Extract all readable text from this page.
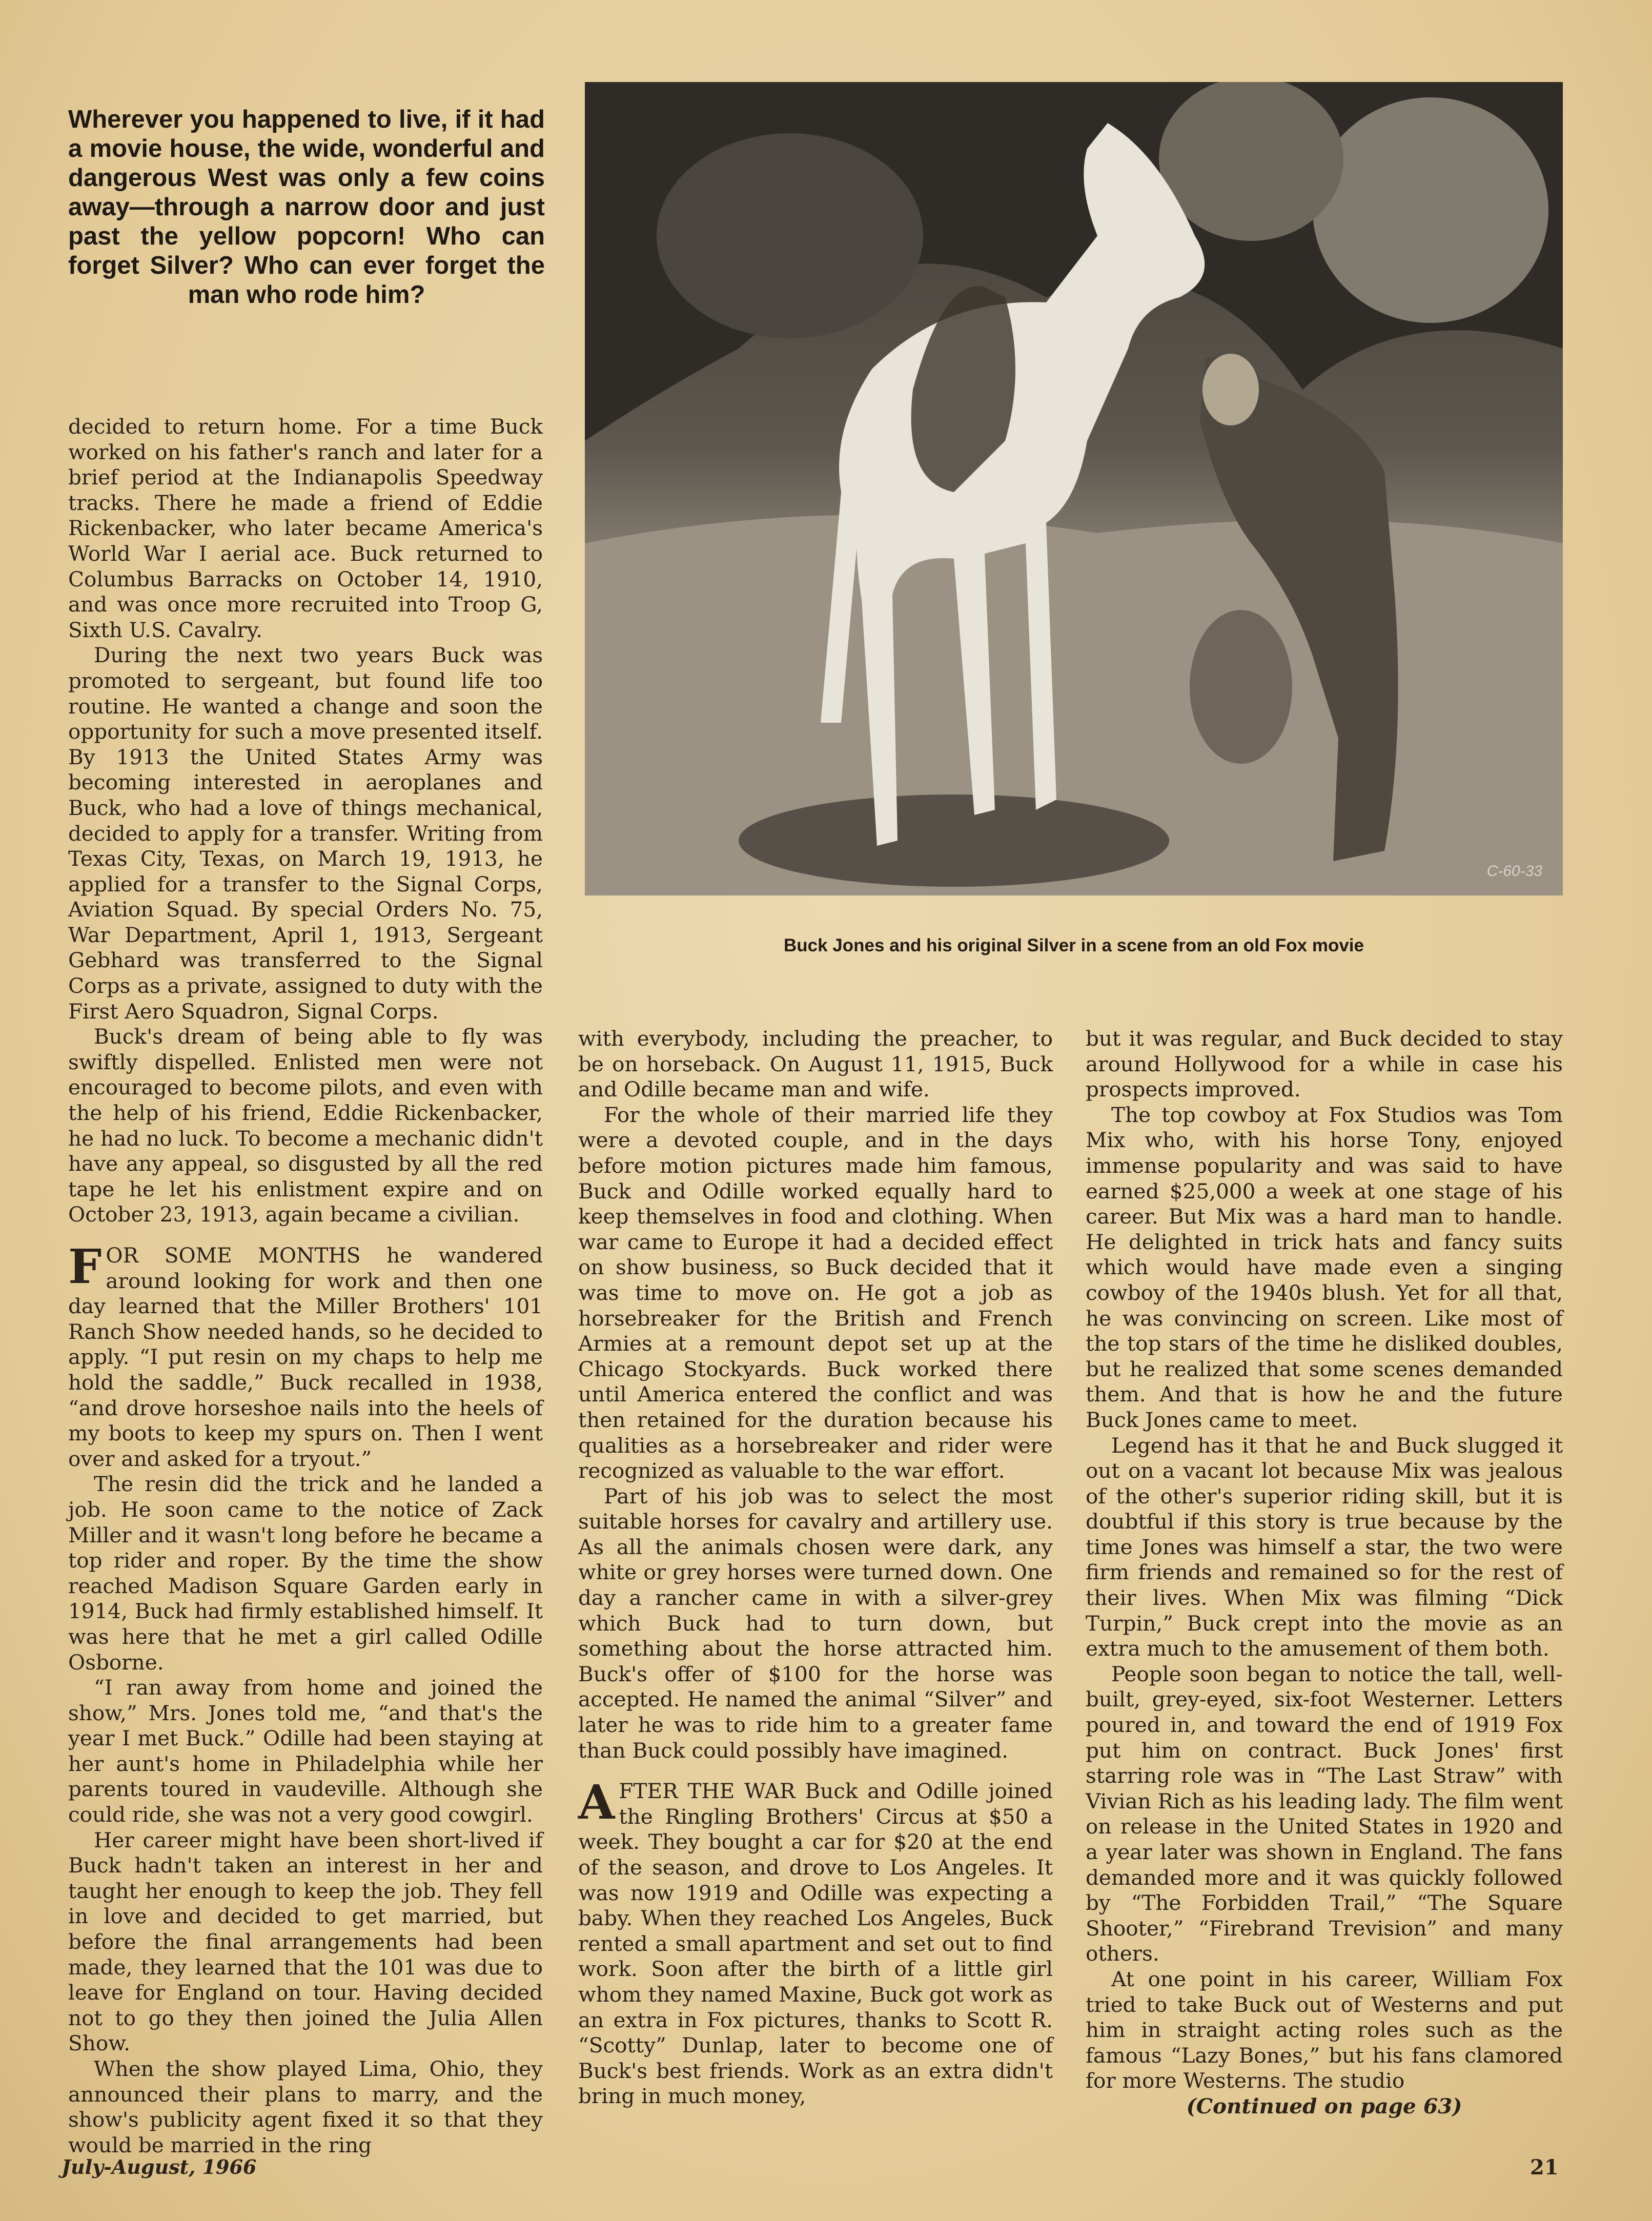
Wherever you happened to live, if it had a movie house, the wide, wonderful and dangerous West was only a few coins away—through a narrow door and just past the yellow popcorn! Who can forget Silver? Who can ever forget the man who rode him?
C-60-33
Buck Jones and his original Silver in a scene from an old Fox movie

decided to return home. For a time Buck worked on his father's ranch and later for a brief period at the Indianapolis Speedway tracks. There he made a friend of Eddie Rickenbacker, who later became America's World War I aerial ace. Buck returned to Columbus Barracks on October 14, 1910, and was once more recruited into Troop G, Sixth U.S. Cavalry.

During the next two years Buck was promoted to sergeant, but found life too routine. He wanted a change and soon the opportunity for such a move presented itself. By 1913 the United States Army was becoming interested in aeroplanes and Buck, who had a love of things mechanical, decided to apply for a transfer. Writing from Texas City, Texas, on March 19, 1913, he applied for a transfer to the Signal Corps, Aviation Squad. By special Orders No. 75, War Department, April 1, 1913, Sergeant Gebhard was transferred to the Signal Corps as a private, assigned to duty with the First Aero Squadron, Signal Corps.

Buck's dream of being able to fly was swiftly dispelled. Enlisted men were not encouraged to become pilots, and even with the help of his friend, Eddie Rickenbacker, he had no luck. To become a mechanic didn't have any appeal, so disgusted by all the red tape he let his enlistment expire and on October 23, 1913, again became a civilian.

FOR SOME MONTHS he wandered around looking for work and then one day learned that the Miller Brothers' 101 Ranch Show needed hands, so he decided to apply. “I put resin on my chaps to help me hold the saddle,” Buck recalled in 1938, “and drove horseshoe nails into the heels of my boots to keep my spurs on. Then I went over and asked for a tryout.”

The resin did the trick and he landed a job. He soon came to the notice of Zack Miller and it wasn't long before he became a top rider and roper. By the time the show reached Madison Square Garden early in 1914, Buck had firmly established himself. It was here that he met a girl called Odille Osborne.

“I ran away from home and joined the show,” Mrs. Jones told me, “and that's the year I met Buck.” Odille had been staying at her aunt's home in Philadelphia while her parents toured in vaudeville. Although she could ride, she was not a very good cowgirl.

Her career might have been short-lived if Buck hadn't taken an interest in her and taught her enough to keep the job. They fell in love and decided to get married, but before the final arrangements had been made, they learned that the 101 was due to leave for England on tour. Having decided not to go they then joined the Julia Allen Show.

When the show played Lima, Ohio, they announced their plans to marry, and the show's publicity agent fixed it so that they would be married in the ring

with everybody, including the preacher, to be on horseback. On August 11, 1915, Buck and Odille became man and wife.

For the whole of their married life they were a devoted couple, and in the days before motion pictures made him famous, Buck and Odille worked equally hard to keep themselves in food and clothing. When war came to Europe it had a decided effect on show business, so Buck decided that it was time to move on. He got a job as horsebreaker for the British and French Armies at a remount depot set up at the Chicago Stockyards. Buck worked there until America entered the conflict and was then retained for the duration because his qualities as a horsebreaker and rider were recognized as valuable to the war effort.

Part of his job was to select the most suitable horses for cavalry and artillery use. As all the animals chosen were dark, any white or grey horses were turned down. One day a rancher came in with a silver-grey which Buck had to turn down, but something about the horse attracted him. Buck's offer of $100 for the horse was accepted. He named the animal “Silver” and later he was to ride him to a greater fame than Buck could possibly have imagined.

AFTER THE WAR Buck and Odille joined the Ringling Brothers' Circus at $50 a week. They bought a car for $20 at the end of the season, and drove to Los Angeles. It was now 1919 and Odille was expecting a baby. When they reached Los Angeles, Buck rented a small apartment and set out to find work. Soon after the birth of a little girl whom they named Maxine, Buck got work as an extra in Fox pictures, thanks to Scott R. “Scotty” Dunlap, later to become one of Buck's best friends. Work as an extra didn't bring in much money,

but it was regular, and Buck decided to stay around Hollywood for a while in case his prospects improved.

The top cowboy at Fox Studios was Tom Mix who, with his horse Tony, enjoyed immense popularity and was said to have earned $25,000 a week at one stage of his career. But Mix was a hard man to handle. He delighted in trick hats and fancy suits which would have made even a singing cowboy of the 1940s blush. Yet for all that, he was convincing on screen. Like most of the top stars of the time he disliked doubles, but he realized that some scenes demanded them. And that is how he and the future Buck Jones came to meet.

Legend has it that he and Buck slugged it out on a vacant lot because Mix was jealous of the other's superior riding skill, but it is doubtful if this story is true because by the time Jones was himself a star, the two were firm friends and remained so for the rest of their lives. When Mix was filming “Dick Turpin,” Buck crept into the movie as an extra much to the amusement of them both.

People soon began to notice the tall, well-built, grey-eyed, six-foot Westerner. Letters poured in, and toward the end of 1919 Fox put him on contract. Buck Jones' first starring role was in “The Last Straw” with Vivian Rich as his leading lady. The film went on release in the United States in 1920 and a year later was shown in England. The fans demanded more and it was quickly followed by “The Forbidden Trail,” “The Square Shooter,” “Firebrand Trevision” and many others.

At one point in his career, William Fox tried to take Buck out of Westerns and put him in straight acting roles such as the famous “Lazy Bones,” but his fans clamored for more Westerns. The studio

(Continued on page 63)

July-August, 1966	21
